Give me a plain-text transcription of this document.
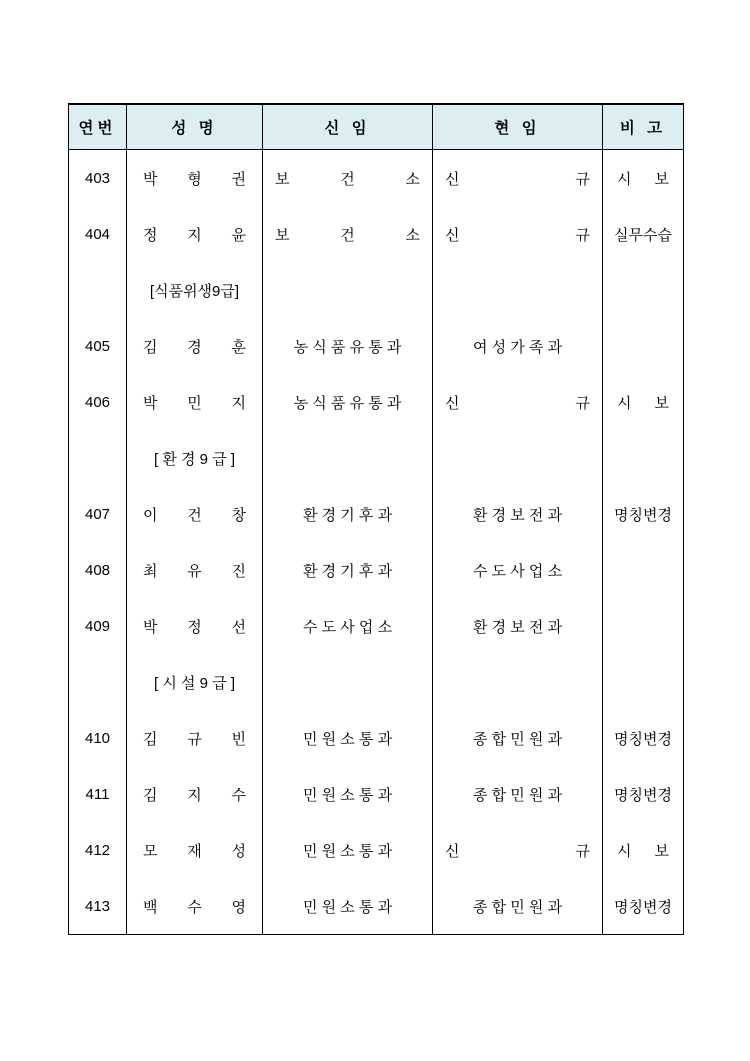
연번	성 명	신 임	현 임	비 고
403	박 형 권	보 건 소	신 규	시 보

404	정 지 윤	보 건 소	신 규	실무수습
	[식품위생9급]			
405	김 경 훈	농 식 품 유 통 과	여 성 가 족 과	
406	박 민 지	농 식 품 유 통 과	신 규	시 보

	[ 환 경 9 급 ]			
407	이 건 창	환 경 기 후 과	환 경 보 전 과	명칭변경
408	최 유 진	환 경 기 후 과	수 도 사 업 소	
409	박 정 선	수 도 사 업 소	환 경 보 전 과	
	[ 시 설 9 급 ]			
410	김 규 빈	민 원 소 통 과	종 합 민 원 과	명칭변경
411	김 지 수	민 원 소 통 과	종 합 민 원 과	명칭변경
412	모 재 성	민 원 소 통 과	신 규	시 보

413	백 수 영	민 원 소 통 과	종 합 민 원 과	명칭변경
